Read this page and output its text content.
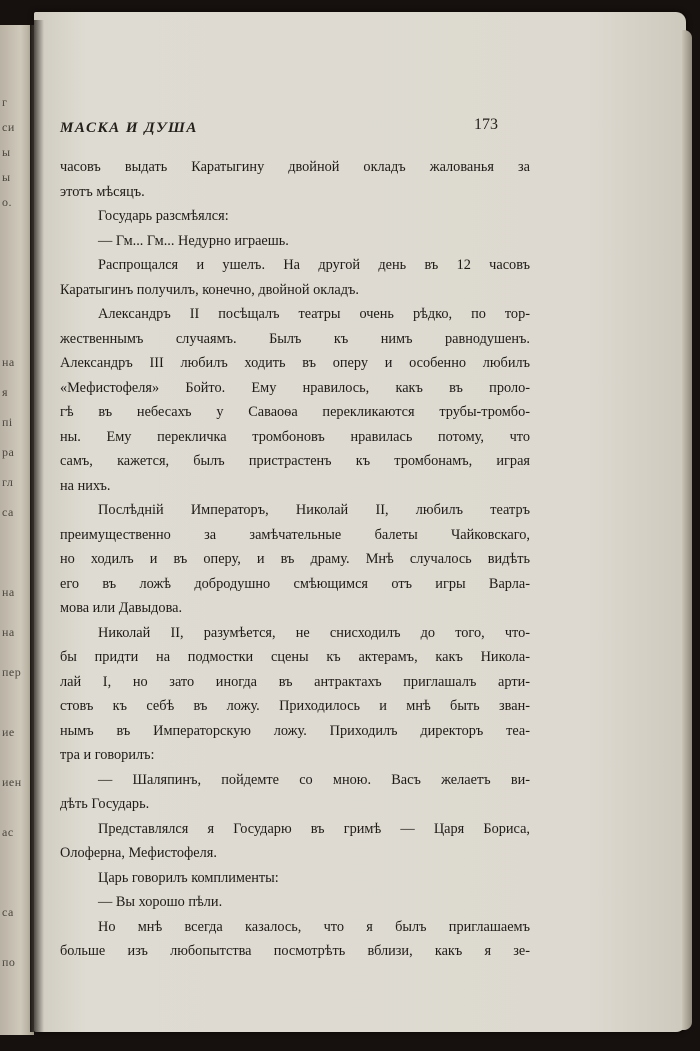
г
си
ы
ы
о.
на
я
пі
ра
гл
са
на
на
пер
ие
иен
ас
са
по
МАСКА И ДУША	173
часовъ выдать Каратыгину двойной окладъ жалованья за
этотъ мѣсяцъ.
Государь разсмѣялся:
— Гм... Гм... Недурно играешь.
Распрощался и ушелъ. На другой день въ 12 часовъ
Каратыгинъ получилъ, конечно, двойной окладъ.
Александръ II посѣщалъ театры очень рѣдко, по тор-
жественнымъ случаямъ. Былъ къ нимъ равнодушенъ.
Александръ III любилъ ходить въ оперу и особенно любилъ
«Мефистофеля» Бойто. Ему нравилось, какъ въ проло-
гѣ въ небесахъ у Саваоѳа перекликаются трубы-тромбо-
ны. Ему перекличка тромбоновъ нравилась потому, что
самъ, кажется, былъ пристрастенъ къ тромбонамъ, играя
на нихъ.
Послѣдній Императоръ, Николай II, любилъ театръ
преимущественно за замѣчательные балеты Чайковскаго,
но ходилъ и въ оперу, и въ драму. Мнѣ случалось видѣть
его въ ложѣ добродушно смѣющимся отъ игры Варла-
мова или Давыдова.
Николай II, разумѣется, не снисходилъ до того, что-
бы придти на подмостки сцены къ актерамъ, какъ Никола-
лай I, но зато иногда въ антрактахъ приглашалъ арти-
стовъ къ себѣ въ ложу. Приходилось и мнѣ быть зван-
нымъ въ Императорскую ложу. Приходилъ директоръ теа-
тра и говорилъ:
— Шаляпинъ, пойдемте со мною. Васъ желаетъ ви-
дѣть Государь.
Представлялся я Государю въ гримѣ — Царя Бориса,
Олоферна, Мефистофеля.
Царь говорилъ комплименты:
— Вы хорошо пѣли.
Но мнѣ всегда казалось, что я былъ приглашаемъ
больше изъ любопытства посмотрѣть вблизи, какъ я зе-
